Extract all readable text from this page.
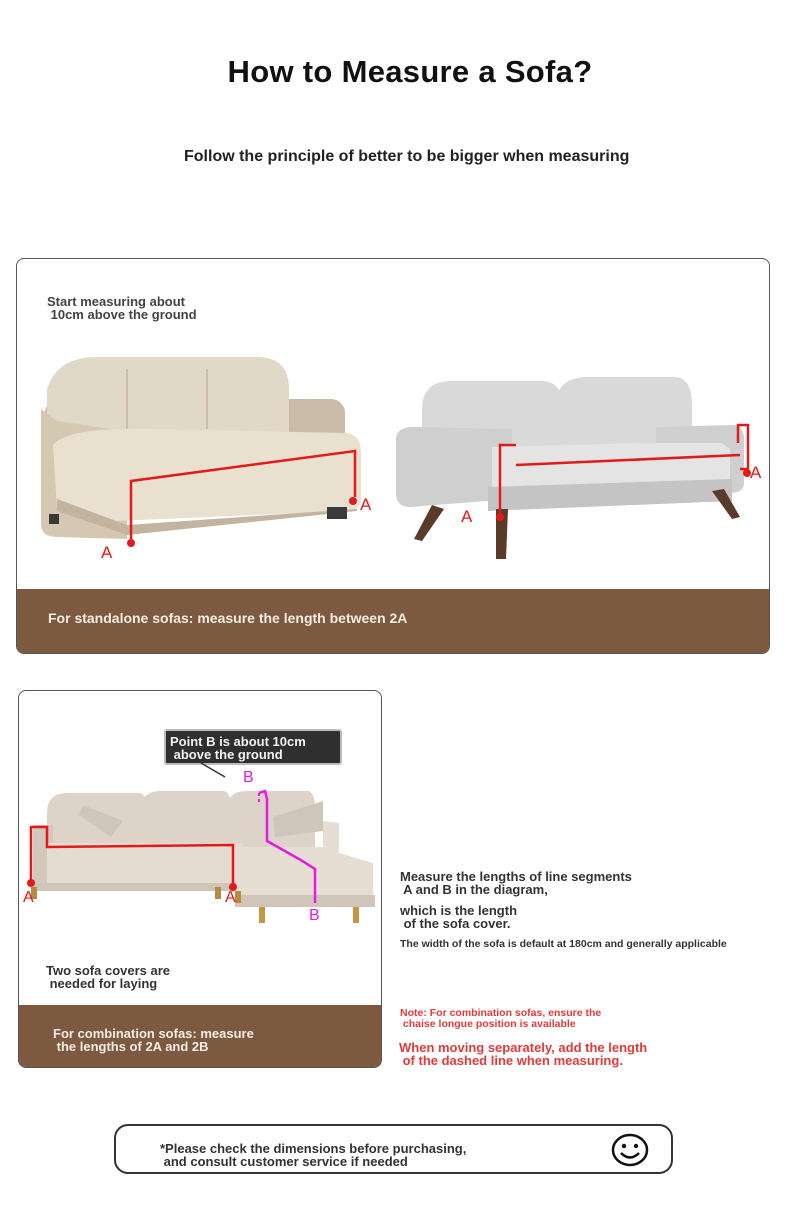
How to Measure a Sofa?
Follow the principle of better to be bigger when measuring
Start measuring about
10cm above the ground
A
A
A
A
For standalone sofas: measure the length between 2A
Point B is about 10cm
above the ground
B
B
A	A
Two sofa covers are
needed for laying
For combination sofas: measure
the lengths of 2A and 2B
Measure the lengths of line segments
A and B in the diagram,
which is the length
of the sofa cover.
The width of the sofa is default at 180cm and generally applicable
Note: For combination sofas, ensure the
chaise longue position is available
When moving separately, add the length
of the dashed line when measuring.
*Please check the dimensions before purchasing,
and consult customer service if needed
